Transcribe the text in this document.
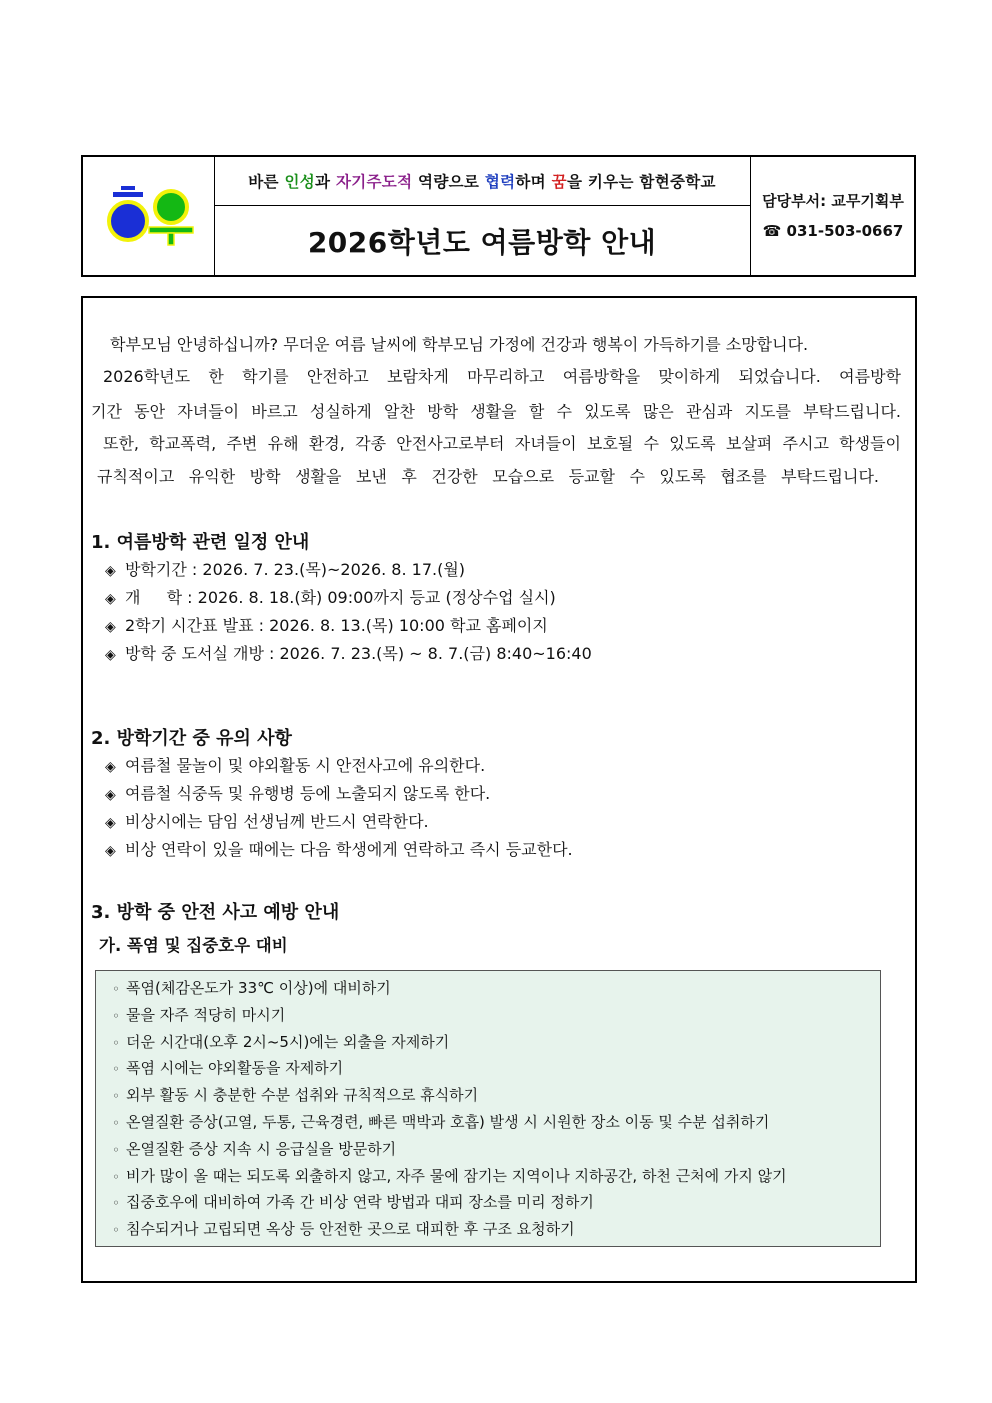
바른 인성 과 자기주도적 역량으로 협력 하며 꿈 을 키우는 함현중학교
2026학년도 여름방학 안내
담당부서: 교무기획부
☎ 031-503-0667

학부모님 안녕하십니까? 무더운 여름 날씨에 학부모님 가정에 건강과 행복이 가득하기를 소망합니다.

2026학년도 한 학기를 안전하고 보람차게 마무리하고 여름방학을 맞이하게 되었습니다. 여름방학

기간 동안 자녀들이 바르고 성실하게 알찬 방학 생활을 할 수 있도록 많은 관심과 지도를 부탁드립니다.

또한, 학교폭력, 주변 유해 환경, 각종 안전사고로부터 자녀들이 보호될 수 있도록 보살펴 주시고 학생들이

규칙적이고 유익한 방학 생활을 보낸 후 건강한 모습으로 등교할 수 있도록 협조를 부탁드립니다.

1. 여름방학 관련 일정 안내

◈ 방학기간 : 2026. 7. 23.(목)~2026. 8. 17.(월)
◈ 개 　 학 : 2026. 8. 18.(화) 09:00까지 등교 (정상수업 실시)
◈ 2학기 시간표 발표 : 2026. 8. 13.(목) 10:00 학교 홈페이지
◈ 방학 중 도서실 개방 : 2026. 7. 23.(목) ~ 8. 7.(금) 8:40~16:40

2. 방학기간 중 유의 사항

◈ 여름철 물놀이 및 야외활동 시 안전사고에 유의한다.
◈ 여름철 식중독 및 유행병 등에 노출되지 않도록 한다.
◈ 비상시에는 담임 선생님께 반드시 연락한다.
◈ 비상 연락이 있을 때에는 다음 학생에게 연락하고 즉시 등교한다.

3. 방학 중 안전 사고 예방 안내

가. 폭염 및 집중호우 대비
◦ 폭염(체감온도가 33℃ 이상)에 대비하기
◦ 물을 자주 적당히 마시기
◦ 더운 시간대(오후 2시~5시)에는 외출을 자제하기
◦ 폭염 시에는 야외활동을 자제하기
◦ 외부 활동 시 충분한 수분 섭취와 규칙적으로 휴식하기
◦ 온열질환 증상(고열, 두통, 근육경련, 빠른 맥박과 호흡) 발생 시 시원한 장소 이동 및 수분 섭취하기
◦ 온열질환 증상 지속 시 응급실을 방문하기
◦ 비가 많이 올 때는 되도록 외출하지 않고, 자주 물에 잠기는 지역이나 지하공간, 하천 근처에 가지 않기
◦ 집중호우에 대비하여 가족 간 비상 연락 방법과 대피 장소를 미리 정하기
◦ 침수되거나 고립되면 옥상 등 안전한 곳으로 대피한 후 구조 요청하기
